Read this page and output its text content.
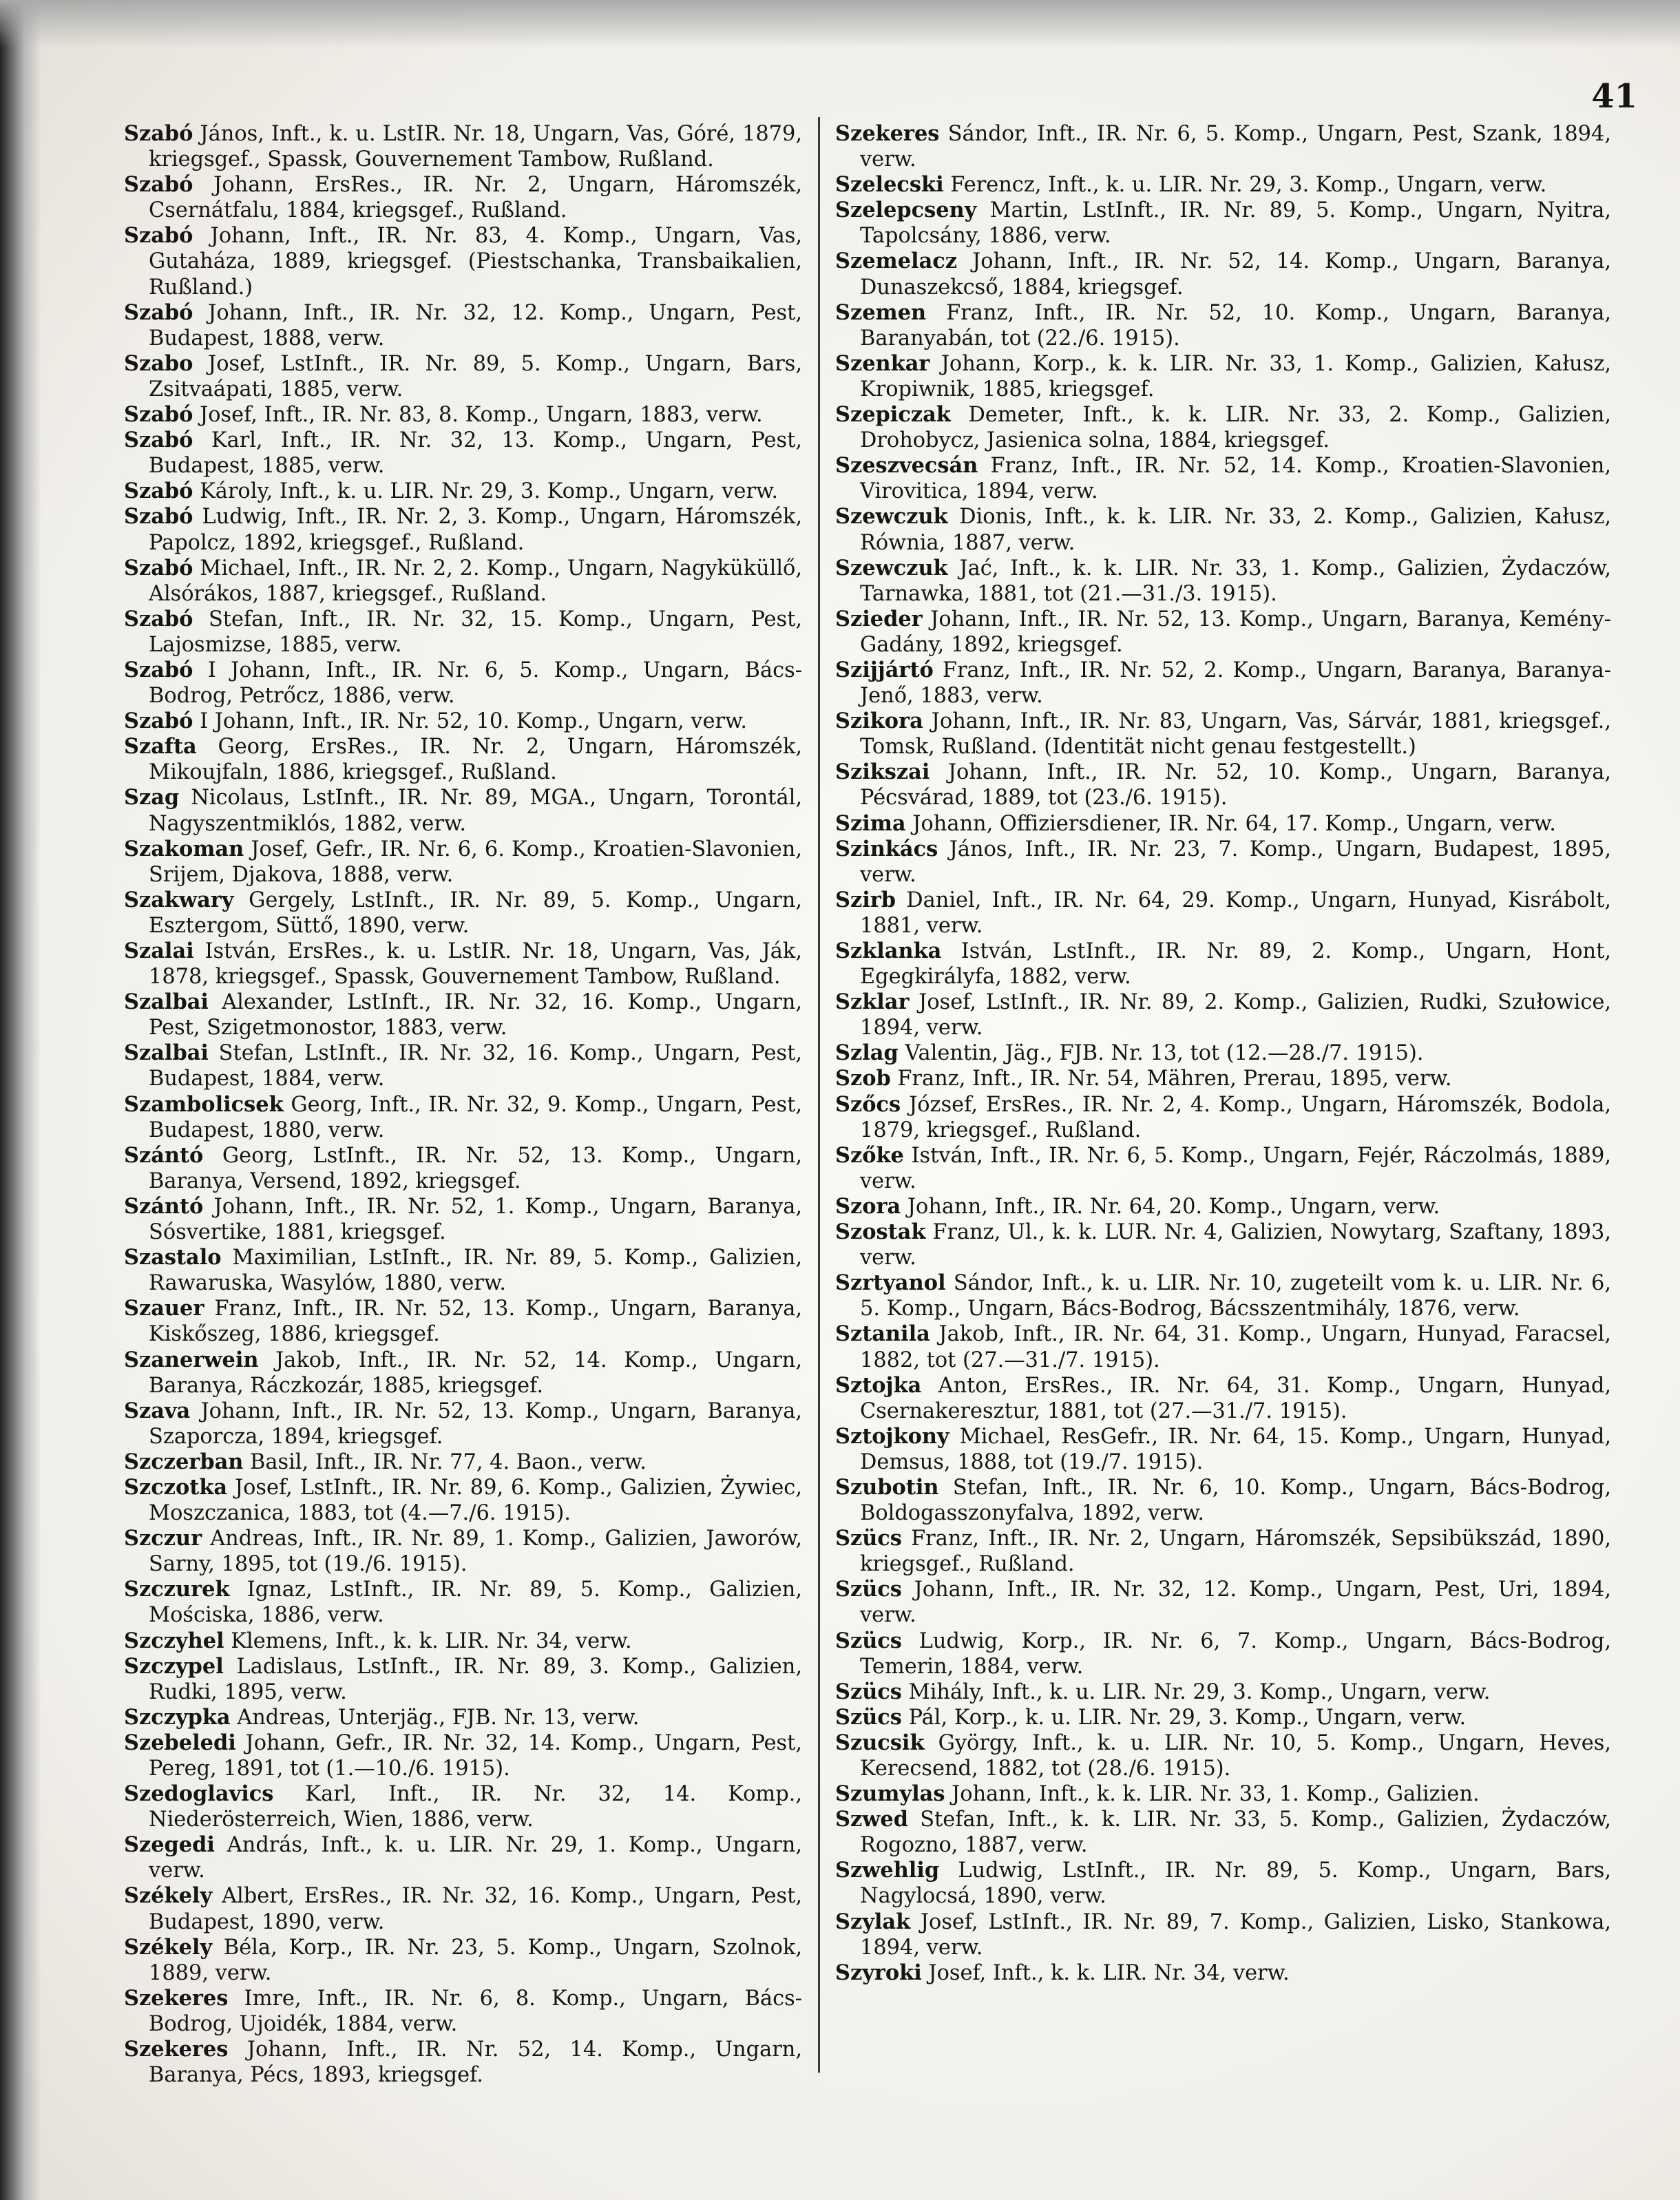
41

Szabó János, Inft., k. u. LstIR. Nr. 18, Ungarn, Vas, Góré, 1879, kriegsgef., Spassk, Gouvernement Tambow, Rußland.

Szabó Johann, ErsRes., IR. Nr. 2, Ungarn, Háromszék, Csernátfalu, 1884, kriegsgef., Rußland.

Szabó Johann, Inft., IR. Nr. 83, 4. Komp., Ungarn, Vas, Gutaháza, 1889, kriegsgef. (Piestschanka, Transbaikalien, Rußland.)

Szabó Johann, Inft., IR. Nr. 32, 12. Komp., Ungarn, Pest, Budapest, 1888, verw.

Szabo Josef, LstInft., IR. Nr. 89, 5. Komp., Ungarn, Bars, Zsitvaápati, 1885, verw.

Szabó Josef, Inft., IR. Nr. 83, 8. Komp., Ungarn, 1883, verw.

Szabó Karl, Inft., IR. Nr. 32, 13. Komp., Ungarn, Pest, Budapest, 1885, verw.

Szabó Károly, Inft., k. u. LIR. Nr. 29, 3. Komp., Ungarn, verw.

Szabó Ludwig, Inft., IR. Nr. 2, 3. Komp., Ungarn, Háromszék, Papolcz, 1892, kriegsgef., Rußland.

Szabó Michael, Inft., IR. Nr. 2, 2. Komp., Ungarn, Nagyküküllő, Alsórákos, 1887, kriegsgef., Rußland.

Szabó Stefan, Inft., IR. Nr. 32, 15. Komp., Ungarn, Pest, Lajosmizse, 1885, verw.

Szabó I Johann, Inft., IR. Nr. 6, 5. Komp., Ungarn, Bács-Bodrog, Petrőcz, 1886, verw.

Szabó I Johann, Inft., IR. Nr. 52, 10. Komp., Ungarn, verw.

Szafta Georg, ErsRes., IR. Nr. 2, Ungarn, Háromszék, Mikoujfaln, 1886, kriegsgef., Rußland.

Szag Nicolaus, LstInft., IR. Nr. 89, MGA., Ungarn, Torontál, Nagyszentmiklós, 1882, verw.

Szakoman Josef, Gefr., IR. Nr. 6, 6. Komp., Kroatien-Slavonien, Srijem, Djakova, 1888, verw.

Szakwary Gergely, LstInft., IR. Nr. 89, 5. Komp., Ungarn, Esztergom, Süttő, 1890, verw.

Szalai István, ErsRes., k. u. LstIR. Nr. 18, Ungarn, Vas, Ják, 1878, kriegsgef., Spassk, Gouvernement Tambow, Rußland.

Szalbai Alexander, LstInft., IR. Nr. 32, 16. Komp., Ungarn, Pest, Szigetmonostor, 1883, verw.

Szalbai Stefan, LstInft., IR. Nr. 32, 16. Komp., Ungarn, Pest, Budapest, 1884, verw.

Szambolicsek Georg, Inft., IR. Nr. 32, 9. Komp., Ungarn, Pest, Budapest, 1880, verw.

Szántó Georg, LstInft., IR. Nr. 52, 13. Komp., Ungarn, Baranya, Versend, 1892, kriegsgef.

Szántó Johann, Inft., IR. Nr. 52, 1. Komp., Ungarn, Baranya, Sósvertike, 1881, kriegsgef.

Szastalo Maximilian, LstInft., IR. Nr. 89, 5. Komp., Galizien, Rawaruska, Wasylów, 1880, verw.

Szauer Franz, Inft., IR. Nr. 52, 13. Komp., Ungarn, Baranya, Kiskőszeg, 1886, kriegsgef.

Szanerwein Jakob, Inft., IR. Nr. 52, 14. Komp., Ungarn, Baranya, Ráczkozár, 1885, kriegsgef.

Szava Johann, Inft., IR. Nr. 52, 13. Komp., Ungarn, Baranya, Szaporcza, 1894, kriegsgef.

Szczerban Basil, Inft., IR. Nr. 77, 4. Baon., verw.

Szczotka Josef, LstInft., IR. Nr. 89, 6. Komp., Galizien, Żywiec, Moszczanica, 1883, tot (4.—7./6. 1915).

Szczur Andreas, Inft., IR. Nr. 89, 1. Komp., Galizien, Jaworów, Sarny, 1895, tot (19./6. 1915).

Szczurek Ignaz, LstInft., IR. Nr. 89, 5. Komp., Galizien, Mościska, 1886, verw.

Szczyhel Klemens, Inft., k. k. LIR. Nr. 34, verw.

Szczypel Ladislaus, LstInft., IR. Nr. 89, 3. Komp., Galizien, Rudki, 1895, verw.

Szczypka Andreas, Unterjäg., FJB. Nr. 13, verw.

Szebeledi Johann, Gefr., IR. Nr. 32, 14. Komp., Ungarn, Pest, Pereg, 1891, tot (1.—10./6. 1915).

Szedoglavics Karl, Inft., IR. Nr. 32, 14. Komp., Niederösterreich, Wien, 1886, verw.

Szegedi András, Inft., k. u. LIR. Nr. 29, 1. Komp., Ungarn, verw.

Székely Albert, ErsRes., IR. Nr. 32, 16. Komp., Ungarn, Pest, Budapest, 1890, verw.

Székely Béla, Korp., IR. Nr. 23, 5. Komp., Ungarn, Szolnok, 1889, verw.

Szekeres Imre, Inft., IR. Nr. 6, 8. Komp., Ungarn, Bács-Bodrog, Ujoidék, 1884, verw.

Szekeres Johann, Inft., IR. Nr. 52, 14. Komp., Ungarn, Baranya, Pécs, 1893, kriegsgef.

Szekeres Sándor, Inft., IR. Nr. 6, 5. Komp., Ungarn, Pest, Szank, 1894, verw.

Szelecski Ferencz, Inft., k. u. LIR. Nr. 29, 3. Komp., Ungarn, verw.

Szelepcseny Martin, LstInft., IR. Nr. 89, 5. Komp., Ungarn, Nyitra, Tapolcsány, 1886, verw.

Szemelacz Johann, Inft., IR. Nr. 52, 14. Komp., Ungarn, Baranya, Dunaszekcső, 1884, kriegsgef.

Szemen Franz, Inft., IR. Nr. 52, 10. Komp., Ungarn, Baranya, Baranyabán, tot (22./6. 1915).

Szenkar Johann, Korp., k. k. LIR. Nr. 33, 1. Komp., Galizien, Kałusz, Kropiwnik, 1885, kriegsgef.

Szepiczak Demeter, Inft., k. k. LIR. Nr. 33, 2. Komp., Galizien, Drohobycz, Jasienica solna, 1884, kriegsgef.

Szeszvecsán Franz, Inft., IR. Nr. 52, 14. Komp., Kroatien-Slavonien, Virovitica, 1894, verw.

Szewczuk Dionis, Inft., k. k. LIR. Nr. 33, 2. Komp., Galizien, Kałusz, Równia, 1887, verw.

Szewczuk Jać, Inft., k. k. LIR. Nr. 33, 1. Komp., Galizien, Żydaczów, Tarnawka, 1881, tot (21.—31./3. 1915).

Szieder Johann, Inft., IR. Nr. 52, 13. Komp., Ungarn, Baranya, Kemény-Gadány, 1892, kriegsgef.

Szijjártó Franz, Inft., IR. Nr. 52, 2. Komp., Ungarn, Baranya, Baranya-Jenő, 1883, verw.

Szikora Johann, Inft., IR. Nr. 83, Ungarn, Vas, Sárvár, 1881, kriegsgef., Tomsk, Rußland. (Identität nicht genau festgestellt.)

Szikszai Johann, Inft., IR. Nr. 52, 10. Komp., Ungarn, Baranya, Pécsvárad, 1889, tot (23./6. 1915).

Szima Johann, Offiziersdiener, IR. Nr. 64, 17. Komp., Ungarn, verw.

Szinkács János, Inft., IR. Nr. 23, 7. Komp., Ungarn, Budapest, 1895, verw.

Szirb Daniel, Inft., IR. Nr. 64, 29. Komp., Ungarn, Hunyad, Kisrábolt, 1881, verw.

Szklanka István, LstInft., IR. Nr. 89, 2. Komp., Ungarn, Hont, Egegkirályfa, 1882, verw.

Szklar Josef, LstInft., IR. Nr. 89, 2. Komp., Galizien, Rudki, Szułowice, 1894, verw.

Szlag Valentin, Jäg., FJB. Nr. 13, tot (12.—28./7. 1915).

Szob Franz, Inft., IR. Nr. 54, Mähren, Prerau, 1895, verw.

Szőcs József, ErsRes., IR. Nr. 2, 4. Komp., Ungarn, Háromszék, Bodola, 1879, kriegsgef., Rußland.

Szőke István, Inft., IR. Nr. 6, 5. Komp., Ungarn, Fejér, Ráczolmás, 1889, verw.

Szora Johann, Inft., IR. Nr. 64, 20. Komp., Ungarn, verw.

Szostak Franz, Ul., k. k. LUR. Nr. 4, Galizien, Nowytarg, Szaftany, 1893, verw.

Szrtyanol Sándor, Inft., k. u. LIR. Nr. 10, zugeteilt vom k. u. LIR. Nr. 6, 5. Komp., Ungarn, Bács-Bodrog, Bácsszentmihály, 1876, verw.

Sztanila Jakob, Inft., IR. Nr. 64, 31. Komp., Ungarn, Hunyad, Faracsel, 1882, tot (27.—31./7. 1915).

Sztojka Anton, ErsRes., IR. Nr. 64, 31. Komp., Ungarn, Hunyad, Csernakeresztur, 1881, tot (27.—31./7. 1915).

Sztojkony Michael, ResGefr., IR. Nr. 64, 15. Komp., Ungarn, Hunyad, Demsus, 1888, tot (19./7. 1915).

Szubotin Stefan, Inft., IR. Nr. 6, 10. Komp., Ungarn, Bács-Bodrog, Boldogasszonyfalva, 1892, verw.

Szücs Franz, Inft., IR. Nr. 2, Ungarn, Háromszék, Sepsibükszád, 1890, kriegsgef., Rußland.

Szücs Johann, Inft., IR. Nr. 32, 12. Komp., Ungarn, Pest, Uri, 1894, verw.

Szücs Ludwig, Korp., IR. Nr. 6, 7. Komp., Ungarn, Bács-Bodrog, Temerin, 1884, verw.

Szücs Mihály, Inft., k. u. LIR. Nr. 29, 3. Komp., Ungarn, verw.

Szücs Pál, Korp., k. u. LIR. Nr. 29, 3. Komp., Ungarn, verw.

Szucsik György, Inft., k. u. LIR. Nr. 10, 5. Komp., Ungarn, Heves, Kerecsend, 1882, tot (28./6. 1915).

Szumylas Johann, Inft., k. k. LIR. Nr. 33, 1. Komp., Galizien.

Szwed Stefan, Inft., k. k. LIR. Nr. 33, 5. Komp., Galizien, Żydaczów, Rogozno, 1887, verw.

Szwehlig Ludwig, LstInft., IR. Nr. 89, 5. Komp., Ungarn, Bars, Nagylocsá, 1890, verw.

Szylak Josef, LstInft., IR. Nr. 89, 7. Komp., Galizien, Lisko, Stankowa, 1894, verw.

Szyroki Josef, Inft., k. k. LIR. Nr. 34, verw.
